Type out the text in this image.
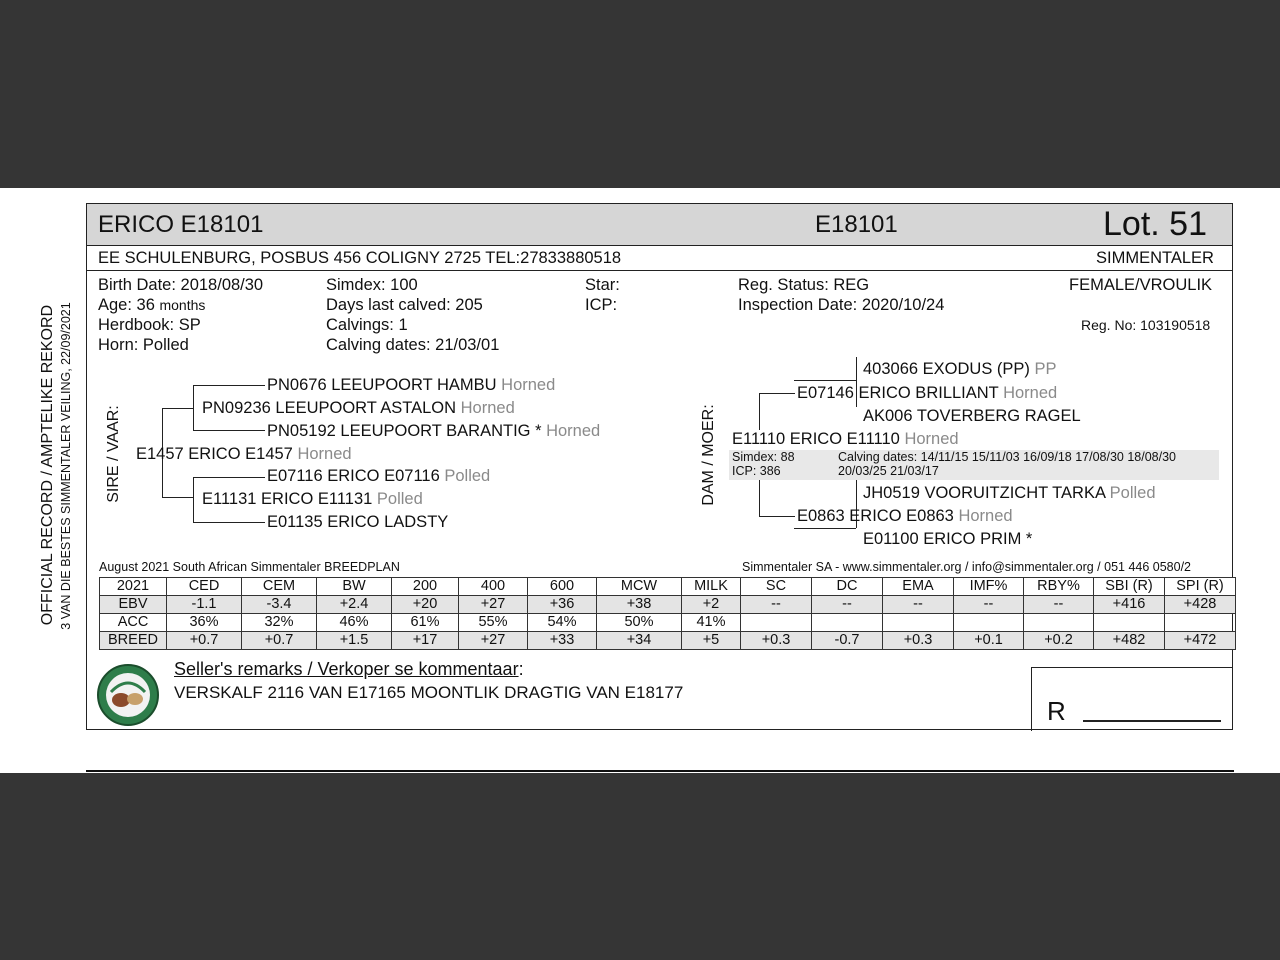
OFFICIAL RECORD / AMPTELIKE REKORD 3 VAN DIE BESTES SIMMENTALER VEILING, 22/09/2021
ERICO E18101	E18101	Lot. 51
EE SCHULENBURG, POSBUS 456 COLIGNY 2725 TEL:27833880518	SIMMENTALER
Birth Date: 2018/08/30
Age: 36 months
Herdbook: SP
Horn: Polled
Simdex: 100
Days last calved: 205
Calvings: 1
Calving dates: 21/03/01
Star:
ICP:
Reg. Status: REG
Inspection Date: 2020/10/24
FEMALE/VROULIK
Reg. No: 103190518
SIRE / VAAR:
PN0676 LEEUPOORT HAMBU Horned
PN09236 LEEUPOORT ASTALON Horned
PN05192 LEEUPOORT BARANTIG * Horned
E1457 ERICO E1457 Horned
E07116 ERICO E07116 Polled
E11131 ERICO E11131 Polled
E01135 ERICO LADSTY
DAM / MOER: Simdex: 88
ICP: 386
Calving dates: 14/11/15 15/11/03 16/09/18 17/08/30 18/08/30
20/03/25 21/03/17
403066 EXODUS (PP) PP
E07146 ERICO BRILLIANT Horned
AK006 TOVERBERG RAGEL
E11110 ERICO E11110 Horned
JH0519 VOORUITZICHT TARKA Polled
E0863 ERICO E0863 Horned
E01100 ERICO PRIM *
August 2021 South African Simmentaler BREEDPLAN	Simmentaler SA - www.simmentaler.org / info@simmentaler.org / 051 446 0580/2
2021	CED	CEM	BW	200	400	600	MCW	MILK	SC	DC	EMA	IMF%	RBY%	SBI (R)	SPI (R)
EBV	-1.1	-3.4	+2.4	+20	+27	+36	+38	+2	--	--	--	--	--	+416	+428
ACC	36%	32%	46%	61%	55%	54%	50%	41%							
BREED	+0.7	+0.7	+1.5	+17	+27	+33	+34	+5	+0.3	-0.7	+0.3	+0.1	+0.2	+482	+472
Seller's remarks / Verkoper se kommentaar:
VERSKALF 2116 VAN E17165 MOONTLIK DRAGTIG VAN E18177
R
